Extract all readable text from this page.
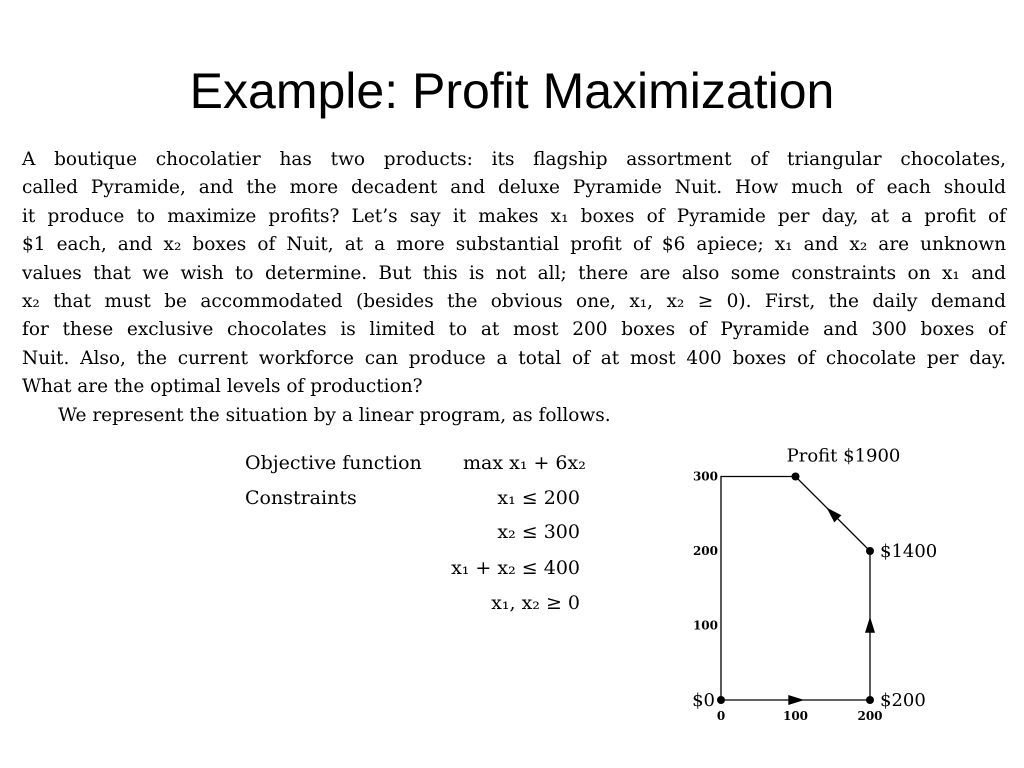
Example: Profit Maximization
A boutique chocolatier has two products: its flagship assortment of triangular chocolates,
called Pyramide, and the more decadent and deluxe Pyramide Nuit. How much of each should
it produce to maximize profits? Let’s say it makes x₁ boxes of Pyramide per day, at a profit of
$1 each, and x₂ boxes of Nuit, at a more substantial profit of $6 apiece; x₁ and x₂ are unknown
values that we wish to determine. But this is not all; there are also some constraints on x₁ and
x₂ that must be accommodated (besides the obvious one, x₁, x₂ ≥ 0). First, the daily demand
for these exclusive chocolates is limited to at most 200 boxes of Pyramide and 300 boxes of
Nuit. Also, the current workforce can produce a total of at most 400 boxes of chocolate per day.
What are the optimal levels of production?
We represent the situation by a linear program, as follows.
Objective function max x₁ + 6x₂
Constraints	x₁ ≤ 200
x₂ ≤ 300
x₁ + x₂ ≤ 400
x₁, x₂ ≥ 0
0	100	200
100
200
300
$0	$200
$1400
Profit $1900
